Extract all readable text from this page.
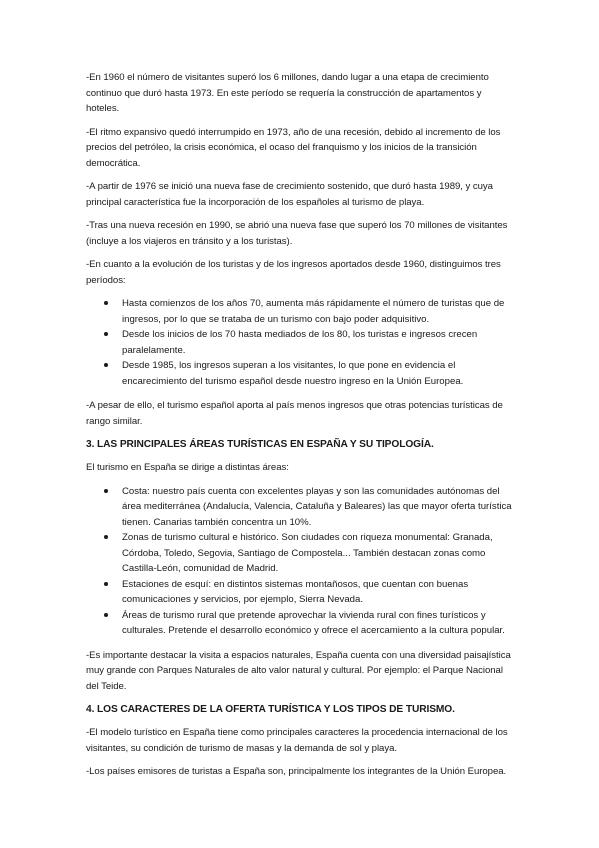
-En 1960 el número de visitantes superó los 6 millones, dando lugar a una etapa de crecimiento continuo que duró hasta 1973. En este período se requería la construcción de apartamentos y hoteles.

-El ritmo expansivo quedó interrumpido en 1973, año de una recesión, debido al incremento de los precios del petróleo, la crisis económica, el ocaso del franquismo y los inicios de la transición democrática.

-A partir de 1976 se inició una nueva fase de crecimiento sostenido, que duró hasta 1989, y cuya principal característica fue la incorporación de los españoles al turismo de playa.

-Tras una nueva recesión en 1990, se abrió una nueva fase que superó los 70 millones de visitantes (incluye a los viajeros en tránsito y a los turistas).

-En cuanto a la evolución de los turistas y de los ingresos aportados desde 1960, distinguimos tres períodos:

Hasta comienzos de los años 70, aumenta más rápidamente el número de turistas que de ingresos, por lo que se trataba de un turismo con bajo poder adquisitivo.
Desde los inicios de los 70 hasta mediados de los 80, los turistas e ingresos crecen paralelamente.
Desde 1985, los ingresos superan a los visitantes, lo que pone en evidencia el encarecimiento del turismo español desde nuestro ingreso en la Unión Europea.

-A pesar de ello, el turismo español aporta al país menos ingresos que otras potencias turísticas de rango similar.

3. LAS PRINCIPALES ÁREAS TURÍSTICAS EN ESPAÑA Y SU TIPOLOGÍA.

El turismo en España se dirige a distintas áreas:

Costa: nuestro país cuenta con excelentes playas y son las comunidades autónomas del área mediterránea (Andalucía, Valencia, Cataluña y Baleares) las que mayor oferta turística tienen. Canarias también concentra un 10%.
Zonas de turismo cultural e histórico. Son ciudades con riqueza monumental: Granada, Córdoba, Toledo, Segovia, Santiago de Compostela... También destacan zonas como Castilla-León, comunidad de Madrid.
Estaciones de esquí: en distintos sistemas montañosos, que cuentan con buenas comunicaciones y servicios, por ejemplo, Sierra Nevada.
Áreas de turismo rural que pretende aprovechar la vivienda rural con fines turísticos y culturales. Pretende el desarrollo económico y ofrece el acercamiento a la cultura popular.

-Es importante destacar la visita a espacios naturales, España cuenta con una diversidad paisajística muy grande con Parques Naturales de alto valor natural y cultural. Por ejemplo: el Parque Nacional del Teide.

4. LOS CARACTERES DE LA OFERTA TURÍSTICA Y LOS TIPOS DE TURISMO.

-El modelo turístico en España tiene como principales caracteres la procedencia internacional de los visitantes, su condición de turismo de masas y la demanda de sol y playa.

-Los países emisores de turistas a España son, principalmente los integrantes de la Unión Europea.
